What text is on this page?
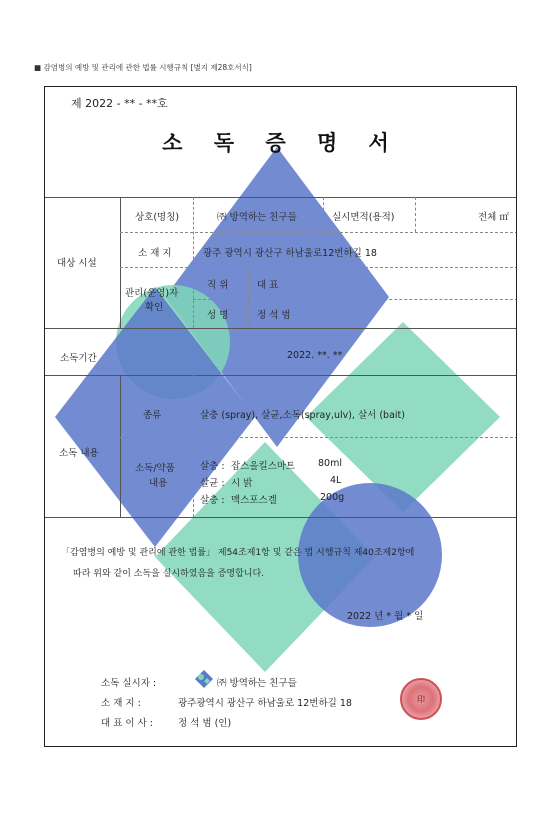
■ 감염병의 예방 및 관리에 관한 법률 시행규칙 [별지 제28호서식]
제 2022 - ** - **호
소 독 증 명 서
대상 시설
상호(명칭)	㈜ 방역하는 친구들	실시면적(용적)	전체 ㎡
소 재 지	광주 광역시 광산구 하남울로12번하길 18
관리(운영)자
확인
직 위	대 표
성 명	정 석 범
소독기간	2022. **. **
소독 내용
종류	살충 (spray), 살균,소독(spray,ulv), 살서 (bait)
소독/약품
내용
살충 : 잡스올킬스마트 80ml
살균 : 시 밝	4L
살충 : 맥스포스겔	200g
「감염병의 예방 및 관리에 관한 법률」 제54조제1항 및 같은 법 시행규칙 제40조제2항에
따라 위와 같이 소독을 실시하였음을 증명합니다.
2022 년 * 월 * 일
소독 실시자 :	㈜ 방역하는 친구들
소 재 지 :	광주광역시 광산구 하남울로 12번하길 18
대 표 이 사 :	정 석 범 (인)
印
